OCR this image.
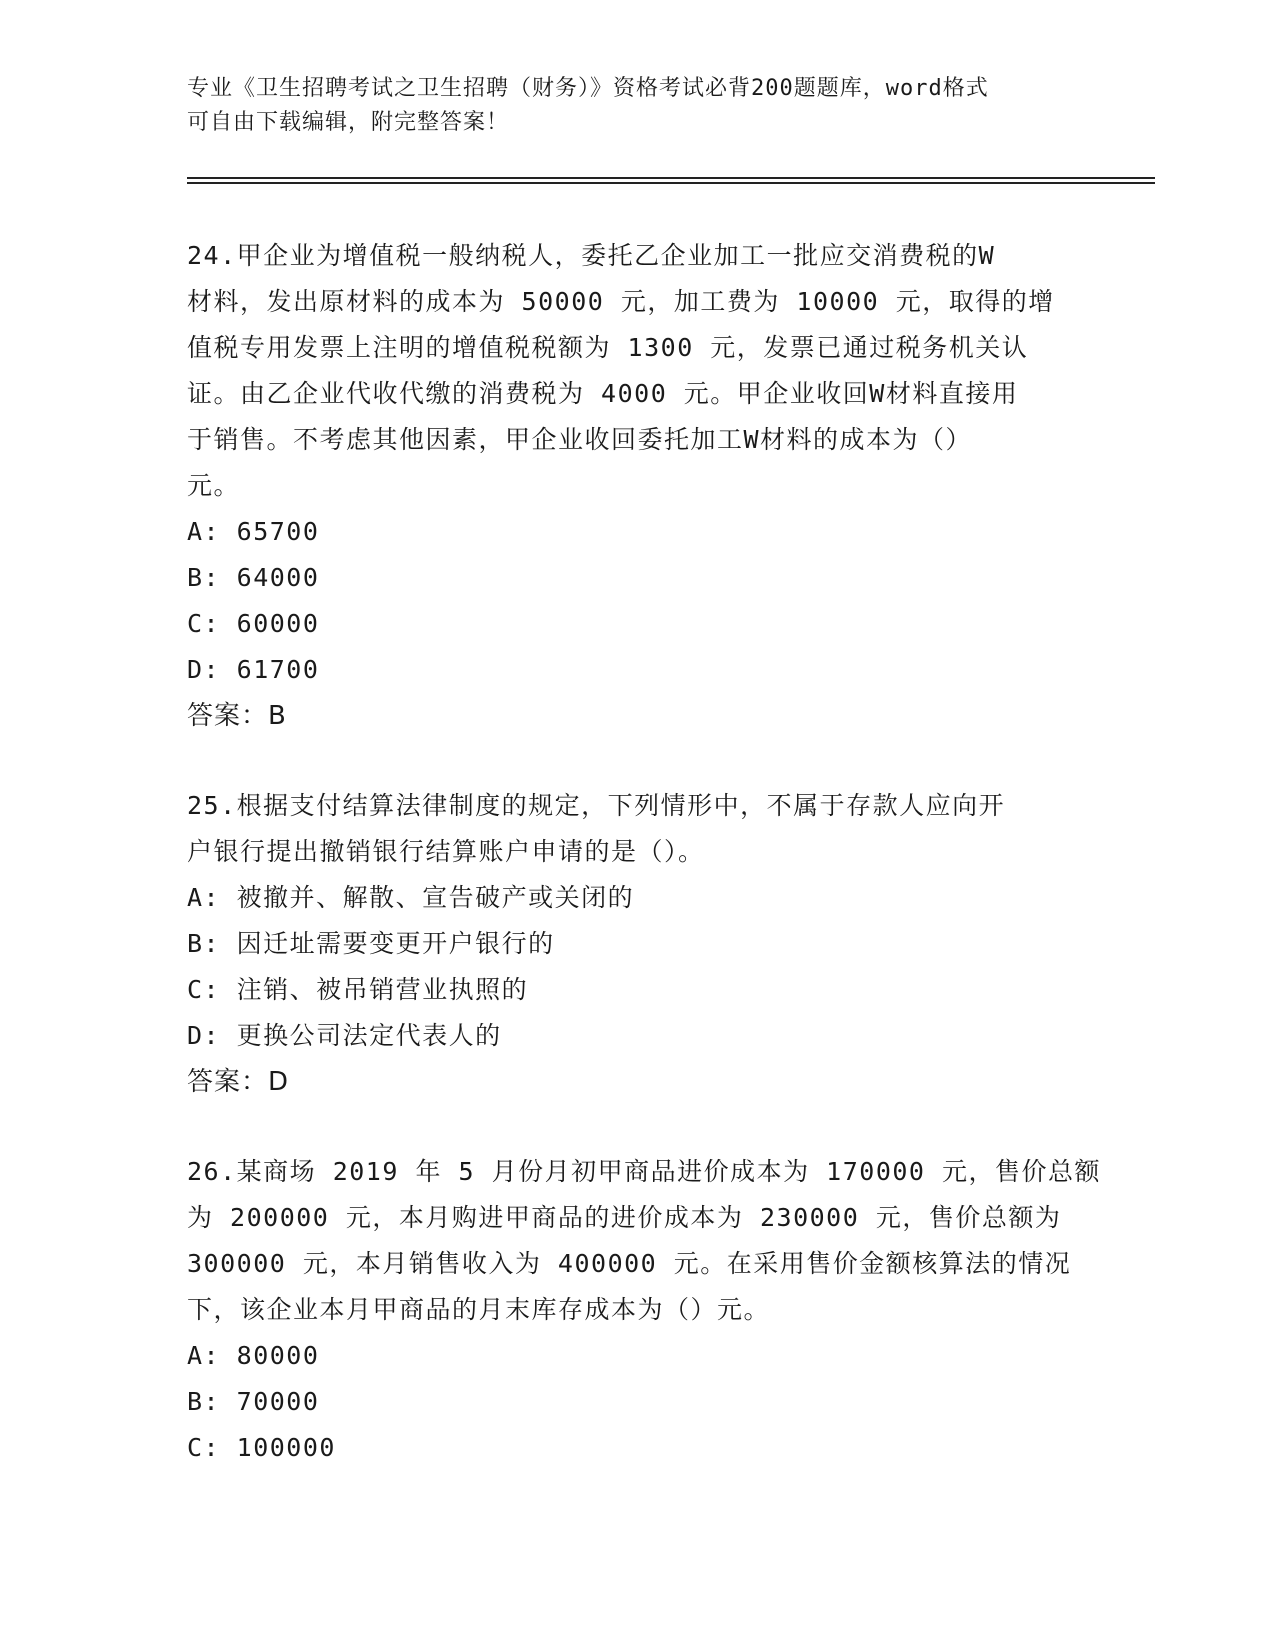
专业《卫生招聘考试之卫生招聘（财务）》资格考试必背200题题库，word格式
可自由下载编辑，附完整答案！
24.甲企业为增值税一般纳税人，委托乙企业加工一批应交消费税的W
材料，发出原材料的成本为 50000 元，加工费为 10000 元，取得的增
值税专用发票上注明的增值税税额为 1300 元，发票已通过税务机关认
证。由乙企业代收代缴的消费税为 4000 元。甲企业收回W材料直接用
于销售。不考虑其他因素，甲企业收回委托加工W材料的成本为（）
元。
A: 65700
B: 64000
C: 60000
D: 61700
答案：B
25.根据支付结算法律制度的规定，下列情形中，不属于存款人应向开
户银行提出撤销银行结算账户申请的是（）。
A: 被撤并、解散、宣告破产或关闭的
B: 因迁址需要变更开户银行的
C: 注销、被吊销营业执照的
D: 更换公司法定代表人的
答案：D
26.某商场 2019 年 5 月份月初甲商品进价成本为 170000 元，售价总额
为 200000 元，本月购进甲商品的进价成本为 230000 元，售价总额为
300000 元，本月销售收入为 400000 元。在采用售价金额核算法的情况
下，该企业本月甲商品的月末库存成本为（）元。
A: 80000
B: 70000
C: 100000
